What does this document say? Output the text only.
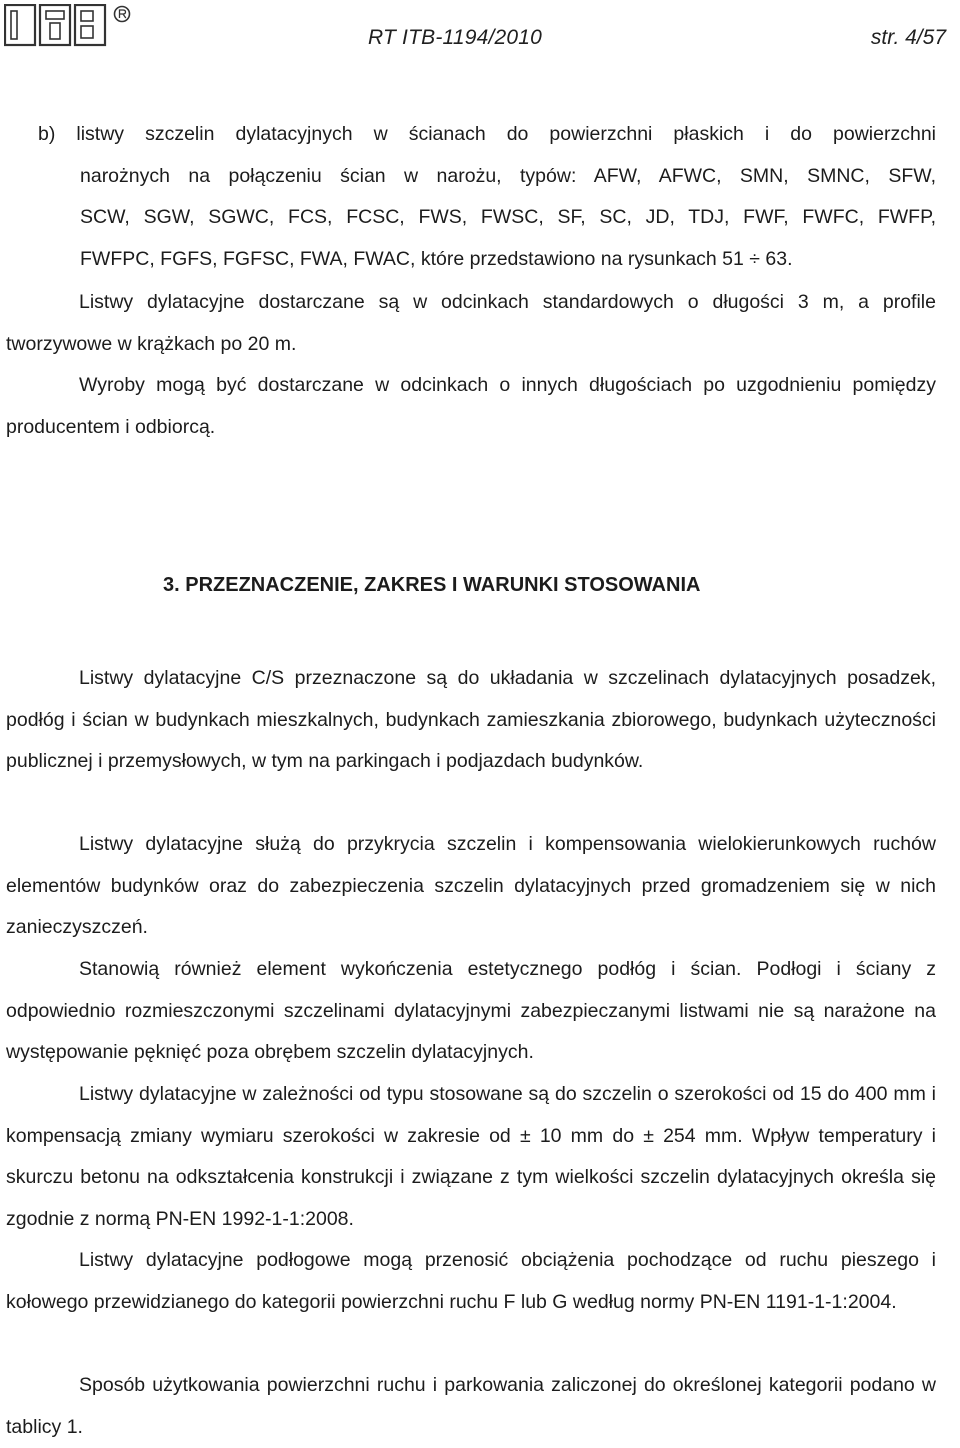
RT ITB-1194/2010	str. 4/57

b) listwy szczelin dylatacyjnych w ścianach do powierzchni płaskich i do powierzchni
narożnych na połączeniu ścian w narożu, typów: AFW, AFWC, SMN, SMNC, SFW,
SCW, SGW, SGWC, FCS, FCSC, FWS, FWSC, SF, SC, JD, TDJ, FWF, FWFC, FWFP,
FWFPC, FGFS, FGFSC, FWA, FWAC, które przedstawiono na rysunkach 51 ÷ 63.

Listwy dylatacyjne dostarczane są w odcinkach standardowych o długości 3 m, a profile tworzywowe w krążkach po 20 m.

Wyroby mogą być dostarczane w odcinkach o innych długościach po uzgodnieniu pomiędzy producentem i odbiorcą.

3. PRZEZNACZENIE, ZAKRES I WARUNKI STOSOWANIA

Listwy dylatacyjne C/S przeznaczone są do układania w szczelinach dylatacyjnych posadzek, podłóg i ścian w budynkach mieszkalnych, budynkach zamieszkania zbiorowego, budynkach użyteczności publicznej i przemysłowych, w tym na parkingach i podjazdach budynków.

Listwy dylatacyjne służą do przykrycia szczelin i kompensowania wielokierunkowych ruchów elementów budynków oraz do zabezpieczenia szczelin dylatacyjnych przed gromadzeniem się w nich zanieczyszczeń.

Stanowią również element wykończenia estetycznego podłóg i ścian. Podłogi i ściany z odpowiednio rozmieszczonymi szczelinami dylatacyjnymi zabezpieczanymi listwami nie są narażone na występowanie pęknięć poza obrębem szczelin dylatacyjnych.

Listwy dylatacyjne w zależności od typu stosowane są do szczelin o szerokości od 15 do 400 mm i kompensacją zmiany wymiaru szerokości w zakresie od ± 10 mm do ± 254 mm. Wpływ temperatury i skurczu betonu na odkształcenia konstrukcji i związane z tym wielkości szczelin dylatacyjnych określa się zgodnie z normą PN-EN 1992-1-1:2008.

Listwy dylatacyjne podłogowe mogą przenosić obciążenia pochodzące od ruchu pieszego i kołowego przewidzianego do kategorii powierzchni ruchu F lub G według normy PN-EN 1191-1-1:2004.

Sposób użytkowania powierzchni ruchu i parkowania zaliczonej do określonej kategorii podano w tablicy 1.
